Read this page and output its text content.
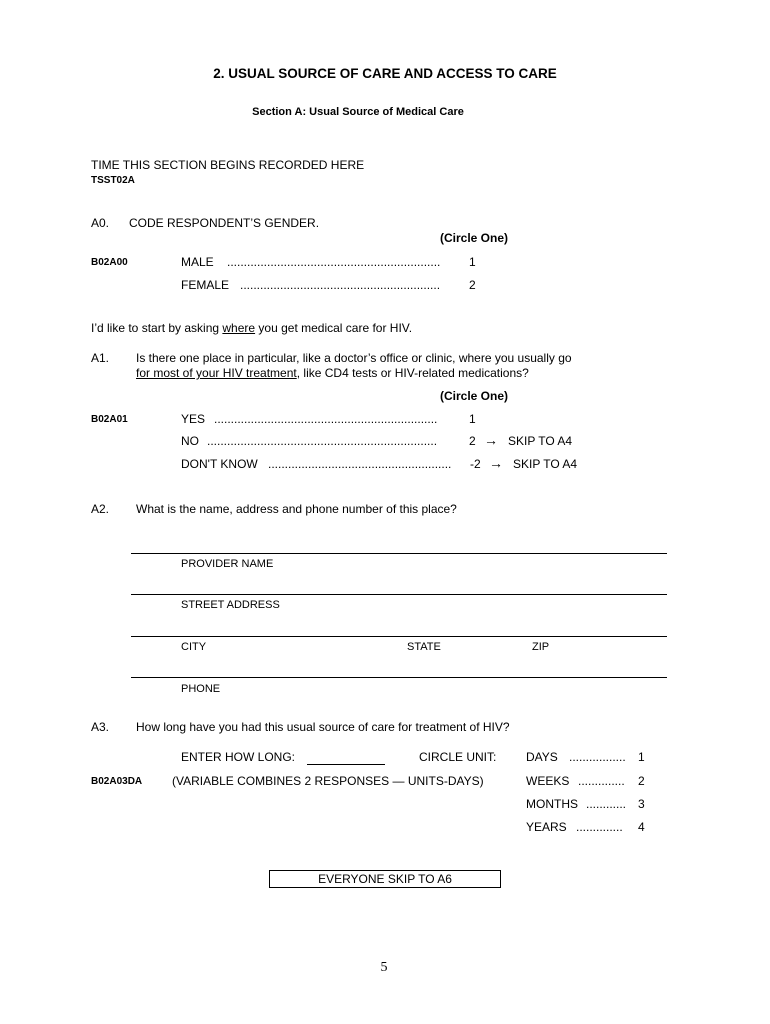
2. USUAL SOURCE OF CARE AND ACCESS TO CARE
Section A: Usual Source of Medical Care
TIME THIS SECTION BEGINS RECORDED HERE
TSST02A
A0. CODE RESPONDENT’S GENDER.
(Circle One)
B02A00	MALE ................................................................ 1
FEMALE ............................................................ 2
I’d like to start by asking where you get medical care for HIV.
A1. Is there one place in particular, like a doctor’s office or clinic, where you usually go
for most of your HIV treatment, like CD4 tests or HIV-related medications?
(Circle One)
B02A01	YES ...................................................................	1
NO .....................................................................	2 → SKIP TO A4
DON'T KNOW ....................................................... -2 → SKIP TO A4
A2. What is the name, address and phone number of this place?
PROVIDER NAME
STREET ADDRESS
CITY	STATE	ZIP
PHONE
A3. How long have you had this usual source of care for treatment of HIV?
ENTER HOW LONG:	CIRCLE UNIT:
B02A03DA (VARIABLE COMBINES 2 RESPONSES — UNITS-DAYS)
DAYS ................. 1
WEEKS .............. 2
MONTHS ............ 3
YEARS .............. 4
EVERYONE SKIP TO A6
5
